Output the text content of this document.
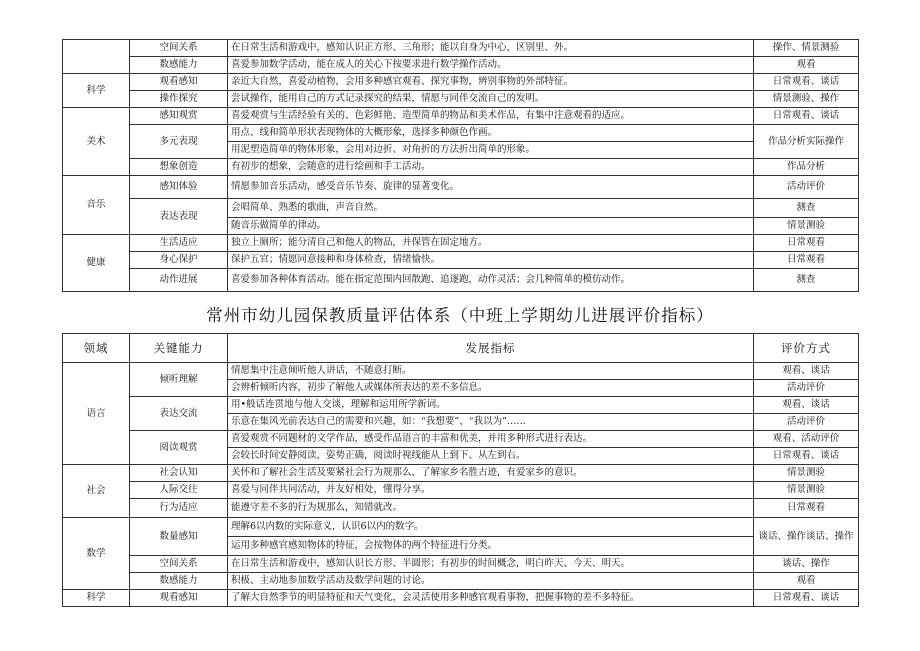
	空间关系	在日常生活和游戏中，感知认识正方形、三角形；能以自身为中心，区别里、外。	操作、情景测验
	数感能力	喜爱参加数学活动，能在成人的关心下按要求进行数学操作活动。	观看
科学	观看感知	亲近大自然，喜爱动植物，会用多种感官观看、探究事物，辨别事物的外部特征。	日常观看、谈话
	操作探究	尝试操作，能用自己的方式记录探究的结果，情愿与同伴交流自己的发明。	情景测验、操作
美术	感知观赏	喜爱观赏与生活经验有关的、色彩鲜艳、造型简单的物品和美术作品，有集中注意观看的适应。	日常观看、谈话
	多元表现	用点、线和简单形状表现物体的大概形象，选择多种颜色作画。	作品分析实际操作
		用泥塑造简单的物体形象，会用对边折、对角折的方法折出简单的形象。	
	想象创造	有初步的想象，会随意的进行绘画和手工活动。	作品分析
音乐	感知体验	情愿参加音乐活动，感受音乐节奏、旋律的显著变化。	活动评价
	表达表现	会唱简单、熟悉的歌曲，声音自然。	测查
		随音乐做简单的律动。	情景测验
健康	生活适应	独立上厕所；能分清自己和他人的物品，并保管在固定地方。	日常观看
	身心保护	保护五官；情愿同意接种和身体检查，情绪愉快。	日常观看
	动作进展	喜爱参加各种体育活动。能在指定范围内回散跑、追逐跑，动作灵活；会几种简单的模仿动作。	测查
常州市幼儿园保教质量评估体系（中班上学期幼儿进展评价指标）
领域	关键能力	发展指标	评价方式
语言	倾听理解	情愿集中注意倾听他人讲话，不随意打断。	观看、谈话
		会辨析倾听内容，初步了解他人或媒体所表达的差不多信息。	活动评价
	表达交流	用•般话连贯地与他人交谈，理解和运用所学新词。	观看、谈话
		乐意在集风光前表达自己的需要和兴趣，如：“我想要”、“我以为”……	活动评价
	阅读观赏	喜爱观赏不同题材的文学作品，感受作品语言的丰富和优美，并用多种形式进行表达。	观看、活动评价
		会较长时间安静阅读，姿势正确，阅读时视线能从上到下、从左到右。	日常观看、谈话
社会	社会认知	关怀和了解社会生活及要紧社会行为规那么，了解家乡名胜古迹，有爱家乡的意识。	情景测验
	人际交往	喜爱与同伴共同活动，并友好相处，懂得分享。	情景测验
	行为适应	能遵守差不多的行为规那么，知错就改。	日常观看
数学	数量感知	理解6以内数的实际意义，认识6以内的数字。	谈话、操作谈话、操作
		运用多种感官感知物体的特征，会按物体的两个特征进行分类。	
	空间关系	在日常生活和游戏中，感知认识长方形、半圆形；有初步的时间概念，明白昨天、今天、明天。	谈话、操作
	数感能力	积极、主动地参加数学活动及数学问题的讨论。	观看
科学	观看感知	了解大自然季节的明显特征和天气变化，会灵活使用多种感官观看事物，把握事物的差不多特征。	日常观看、谈话
